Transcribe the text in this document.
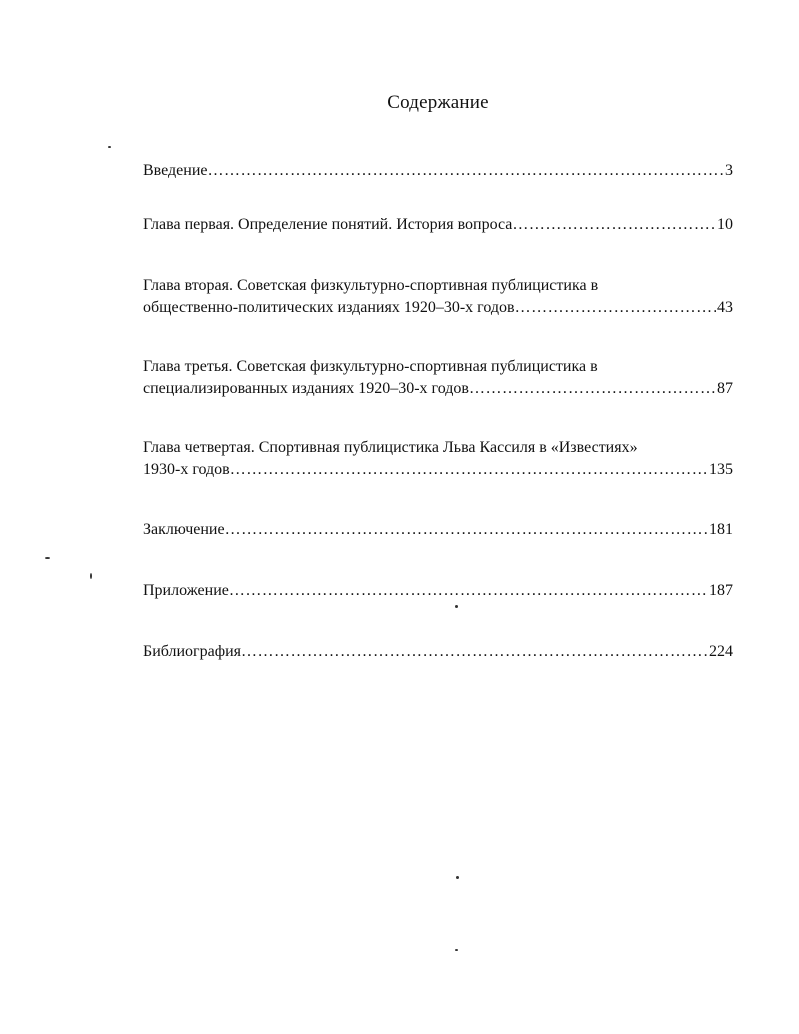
Содержание
Введение ……………………………………………………………………………………………………………………………………………………………………	3
Глава первая. Определение понятий. История вопроса ……………………………………………………………………………………………………………………………………………………………………	10
Глава вторая. Советская физкультурно-спортивная публицистика в
общественно-политических изданиях 1920–30-х годов ……………………………………………………………………………………………………………………………………………………………………	43
Глава третья. Советская физкультурно-спортивная публицистика в
специализированных изданиях 1920–30-х годов ……………………………………………………………………………………………………………………………………………………………………	87
Глава четвертая. Спортивная публицистика Льва Кассиля в «Известиях»
1930-х годов ……………………………………………………………………………………………………………………………………………………………………	135
Заключение ……………………………………………………………………………………………………………………………………………………………………	181
Приложение ……………………………………………………………………………………………………………………………………………………………………	187
Библиография ……………………………………………………………………………………………………………………………………………………………………	224
